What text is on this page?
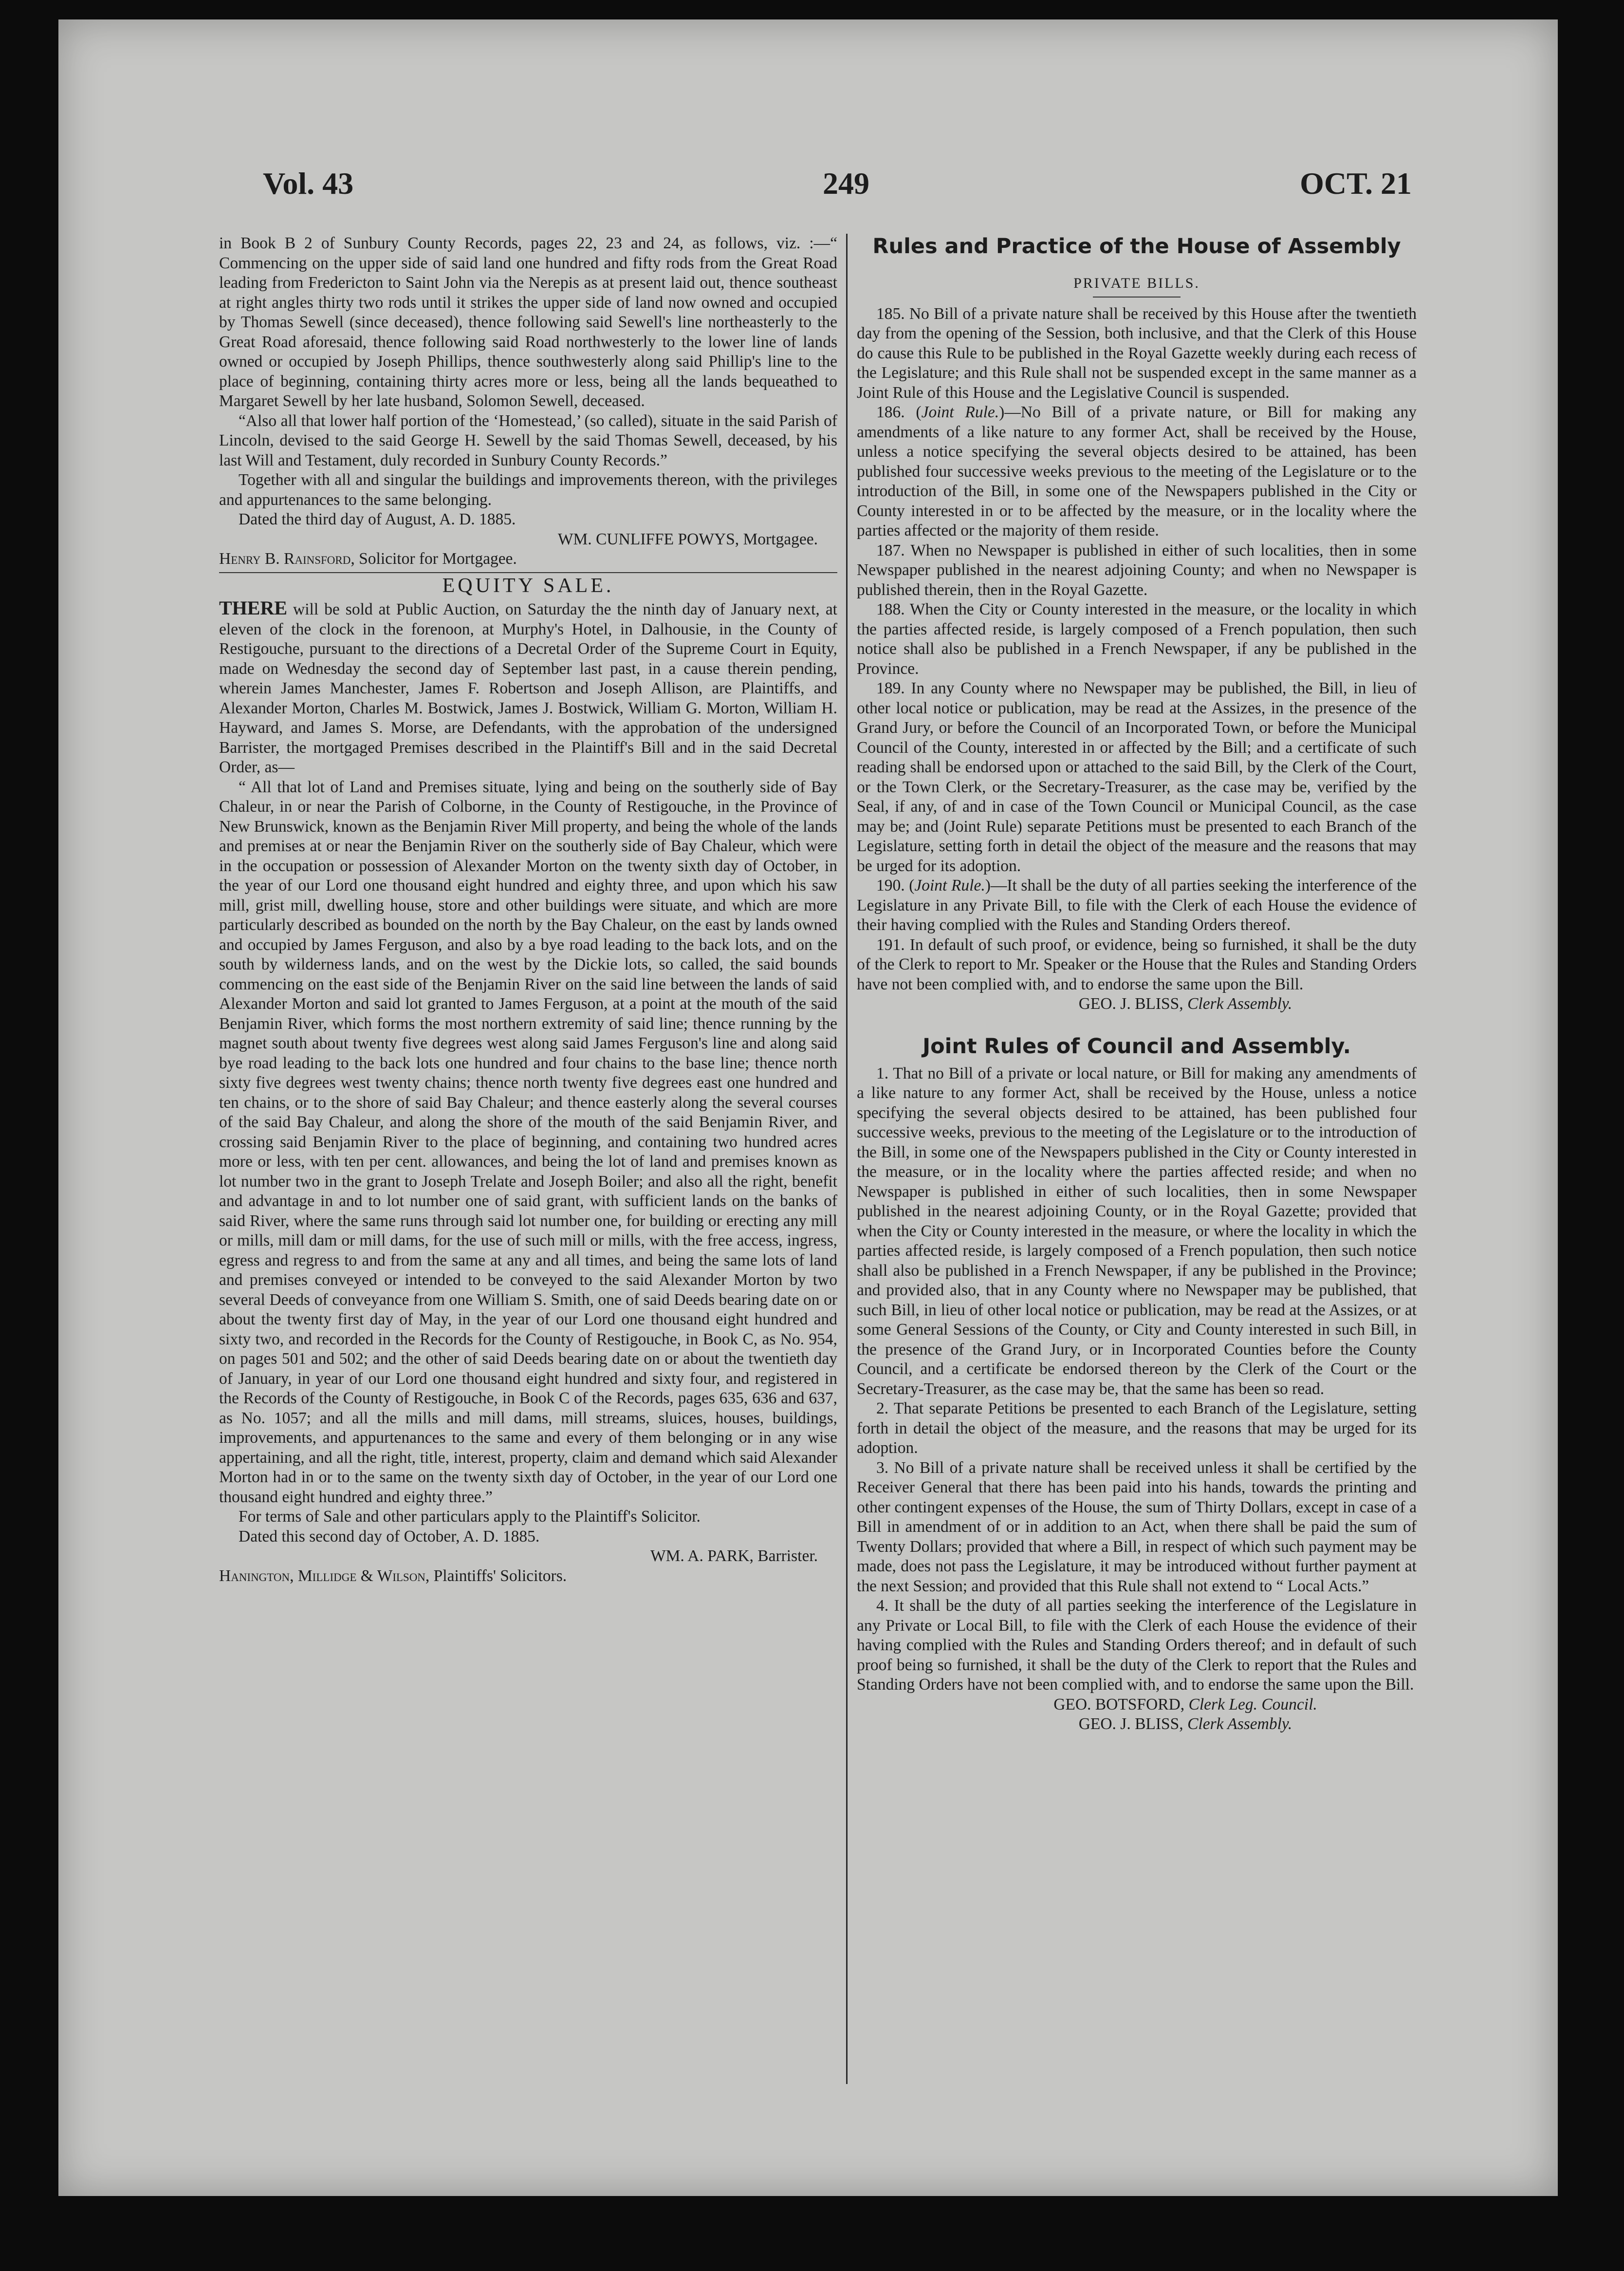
Vol. 43	249	OCT. 21

in Book B 2 of Sunbury County Records, pages 22, 23 and 24, as follows, viz. :—“ Commencing on the upper side of said land one hundred and fifty rods from the Great Road leading from Fredericton to Saint John via the Nerepis as at present laid out, thence southeast at right angles thirty two rods until it strikes the upper side of land now owned and occupied by Thomas Sewell (since deceased), thence following said Sewell's line northeasterly to the Great Road aforesaid, thence following said Road northwesterly to the lower line of lands owned or occupied by Joseph Phillips, thence southwesterly along said Phillip's line to the place of beginning, containing thirty acres more or less, being all the lands bequeathed to Margaret Sewell by her late husband, Solomon Sewell, deceased.

“Also all that lower half portion of the ‘Homestead,’ (so called), situate in the said Parish of Lincoln, devised to the said George H. Sewell by the said Thomas Sewell, deceased, by his last Will and Testament, duly recorded in Sunbury County Records.”

Together with all and singular the buildings and improvements thereon, with the privileges and appurtenances to the same belonging.

Dated the third day of August, A. D. 1885.

WM. CUNLIFFE POWYS, Mortgagee.

Henry B. Rainsford, Solicitor for Mortgagee.

EQUITY SALE.

THERE will be sold at Public Auction, on Saturday the the ninth day of January next, at eleven of the clock in the forenoon, at Murphy's Hotel, in Dalhousie, in the County of Restigouche, pursuant to the directions of a Decretal Order of the Supreme Court in Equity, made on Wednesday the second day of September last past, in a cause therein pending, wherein James Manchester, James F. Robertson and Joseph Allison, are Plaintiffs, and Alexander Morton, Charles M. Bostwick, James J. Bostwick, William G. Morton, William H. Hayward, and James S. Morse, are Defendants, with the approbation of the undersigned Barrister, the mortgaged Premises described in the Plaintiff's Bill and in the said Decretal Order, as—

“ All that lot of Land and Premises situate, lying and being on the southerly side of Bay Chaleur, in or near the Parish of Colborne, in the County of Restigouche, in the Province of New Brunswick, known as the Benjamin River Mill property, and being the whole of the lands and premises at or near the Benjamin River on the southerly side of Bay Chaleur, which were in the occupation or possession of Alexander Morton on the twenty sixth day of October, in the year of our Lord one thousand eight hundred and eighty three, and upon which his saw mill, grist mill, dwelling house, store and other buildings were situate, and which are more particularly described as bounded on the north by the Bay Chaleur, on the east by lands owned and occupied by James Ferguson, and also by a bye road leading to the back lots, and on the south by wilderness lands, and on the west by the Dickie lots, so called, the said bounds commencing on the east side of the Benjamin River on the said line between the lands of said Alexander Morton and said lot granted to James Ferguson, at a point at the mouth of the said Benjamin River, which forms the most northern extremity of said line; thence running by the magnet south about twenty five degrees west along said James Ferguson's line and along said bye road leading to the back lots one hundred and four chains to the base line; thence north sixty five degrees west twenty chains; thence north twenty five degrees east one hundred and ten chains, or to the shore of said Bay Chaleur; and thence easterly along the several courses of the said Bay Chaleur, and along the shore of the mouth of the said Benjamin River, and crossing said Benjamin River to the place of beginning, and containing two hundred acres more or less, with ten per cent. allowances, and being the lot of land and premises known as lot number two in the grant to Joseph Trelate and Joseph Boiler; and also all the right, benefit and advantage in and to lot number one of said grant, with sufficient lands on the banks of said River, where the same runs through said lot number one, for building or erecting any mill or mills, mill dam or mill dams, for the use of such mill or mills, with the free access, ingress, egress and regress to and from the same at any and all times, and being the same lots of land and premises conveyed or intended to be conveyed to the said Alexander Morton by two several Deeds of conveyance from one William S. Smith, one of said Deeds bearing date on or about the twenty first day of May, in the year of our Lord one thousand eight hundred and sixty two, and recorded in the Records for the County of Restigouche, in Book C, as No. 954, on pages 501 and 502; and the other of said Deeds bearing date on or about the twentieth day of January, in year of our Lord one thousand eight hundred and sixty four, and registered in the Records of the County of Restigouche, in Book C of the Records, pages 635, 636 and 637, as No. 1057; and all the mills and mill dams, mill streams, sluices, houses, buildings, improvements, and appurtenances to the same and every of them belonging or in any wise appertaining, and all the right, title, interest, property, claim and demand which said Alexander Morton had in or to the same on the twenty sixth day of October, in the year of our Lord one thousand eight hundred and eighty three.”

For terms of Sale and other particulars apply to the Plaintiff's Solicitor.

Dated this second day of October, A. D. 1885.

WM. A. PARK, Barrister.

Hanington, Millidge & Wilson, Plaintiffs' Solicitors.

Rules and Practice of the House of Assembly

PRIVATE BILLS.

185. No Bill of a private nature shall be received by this House after the twentieth day from the opening of the Session, both inclusive, and that the Clerk of this House do cause this Rule to be published in the Royal Gazette weekly during each recess of the Legislature; and this Rule shall not be suspended except in the same manner as a Joint Rule of this House and the Legislative Council is suspended.

186. (Joint Rule.)—No Bill of a private nature, or Bill for making any amendments of a like nature to any former Act, shall be received by the House, unless a notice specifying the several objects desired to be attained, has been published four successive weeks previous to the meeting of the Legislature or to the introduction of the Bill, in some one of the Newspapers published in the City or County interested in or to be affected by the measure, or in the locality where the parties affected or the majority of them reside.

187. When no Newspaper is published in either of such localities, then in some Newspaper published in the nearest adjoining County; and when no Newspaper is published therein, then in the Royal Gazette.

188. When the City or County interested in the measure, or the locality in which the parties affected reside, is largely composed of a French population, then such notice shall also be published in a French Newspaper, if any be published in the Province.

189. In any County where no Newspaper may be published, the Bill, in lieu of other local notice or publication, may be read at the Assizes, in the presence of the Grand Jury, or before the Council of an Incorporated Town, or before the Municipal Council of the County, interested in or affected by the Bill; and a certificate of such reading shall be endorsed upon or attached to the said Bill, by the Clerk of the Court, or the Town Clerk, or the Secretary-Treasurer, as the case may be, verified by the Seal, if any, of and in case of the Town Council or Municipal Council, as the case may be; and (Joint Rule) separate Petitions must be presented to each Branch of the Legislature, setting forth in detail the object of the measure and the reasons that may be urged for its adoption.

190. (Joint Rule.)—It shall be the duty of all parties seeking the interference of the Legislature in any Private Bill, to file with the Clerk of each House the evidence of their having complied with the Rules and Standing Orders thereof.

191. In default of such proof, or evidence, being so furnished, it shall be the duty of the Clerk to report to Mr. Speaker or the House that the Rules and Standing Orders have not been complied with, and to endorse the same upon the Bill.

GEO. J. BLISS, Clerk Assembly.

Joint Rules of Council and Assembly.

1. That no Bill of a private or local nature, or Bill for making any amendments of a like nature to any former Act, shall be received by the House, unless a notice specifying the several objects desired to be attained, has been published four successive weeks, previous to the meeting of the Legislature or to the introduction of the Bill, in some one of the Newspapers published in the City or County interested in the measure, or in the locality where the parties affected reside; and when no Newspaper is published in either of such localities, then in some Newspaper published in the nearest adjoining County, or in the Royal Gazette; provided that when the City or County interested in the measure, or where the locality in which the parties affected reside, is largely composed of a French population, then such notice shall also be published in a French Newspaper, if any be published in the Province; and provided also, that in any County where no Newspaper may be published, that such Bill, in lieu of other local notice or publication, may be read at the Assizes, or at some General Sessions of the County, or City and County interested in such Bill, in the presence of the Grand Jury, or in Incorporated Counties before the County Council, and a certificate be endorsed thereon by the Clerk of the Court or the Secretary-Treasurer, as the case may be, that the same has been so read.

2. That separate Petitions be presented to each Branch of the Legislature, setting forth in detail the object of the measure, and the reasons that may be urged for its adoption.

3. No Bill of a private nature shall be received unless it shall be certified by the Receiver General that there has been paid into his hands, towards the printing and other contingent expenses of the House, the sum of Thirty Dollars, except in case of a Bill in amendment of or in addition to an Act, when there shall be paid the sum of Twenty Dollars; provided that where a Bill, in respect of which such payment may be made, does not pass the Legislature, it may be introduced without further payment at the next Session; and provided that this Rule shall not extend to “ Local Acts.”

4. It shall be the duty of all parties seeking the interference of the Legislature in any Private or Local Bill, to file with the Clerk of each House the evidence of their having complied with the Rules and Standing Orders thereof; and in default of such proof being so furnished, it shall be the duty of the Clerk to report that the Rules and Standing Orders have not been complied with, and to endorse the same upon the Bill.

GEO. BOTSFORD, Clerk Leg. Council.

GEO. J. BLISS, Clerk Assembly.
